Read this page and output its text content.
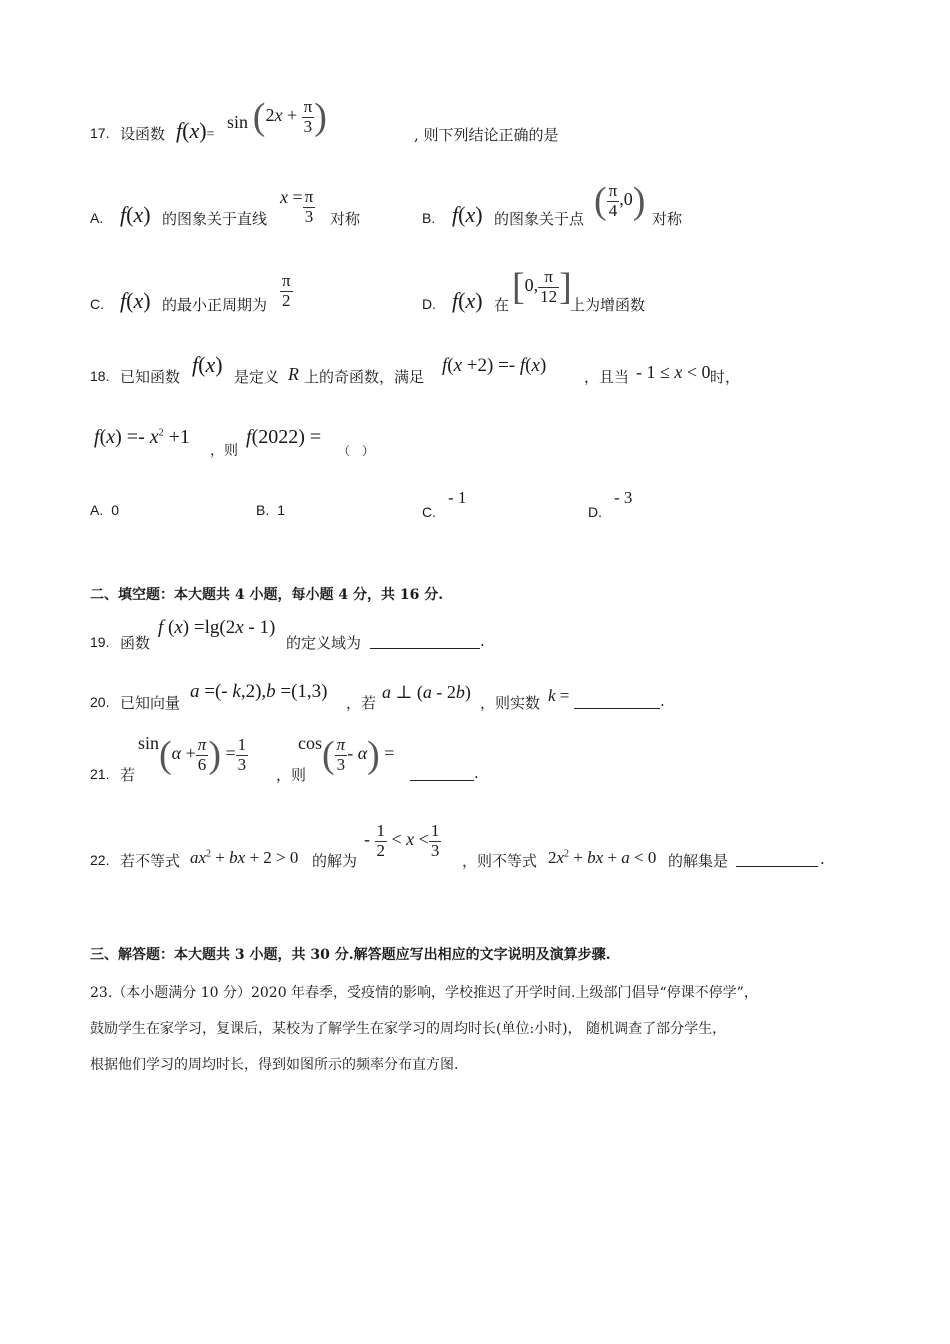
17. 设函数 f(x)=
$\sin (2x + \frac{\pi}{3}$ )	, 则下列结论正确的是
A. f(x) 的图象关于直线
$x = \frac{\pi}{3}$ 对称	B. f(x) 的图象关于点 ( $\frac{\pi}{4} ,0$) 对称
C. f(x) 的最小正周期为 $\frac{\pi}{2}$	D. f(x) 在 [0, $\frac{\pi}{12}$ ]
上为增函数
18. 已知函数 f(x) 是定义 R 上的奇函数，满足
f(x +2) =- f(x)
，且当 - 1 ≤ x < 0 时，
$f(x) =- x^2 +1$
，则
f(2022) =
（　）
A. 0	B. 1	C.- 1
D.- 3
二、填空题：本大题共 4 小题，每小题 4 分，共 16 分.
19. 函数
f (x) =lg(2x - 1)
的定义域为	.
20. 已知向量
a =(- k,2),b =(1,3)
，若
a ⊥ (a - 2b)
，则实数 k =	.
21. 若
$\sin(\alpha + \frac{\pi}{6}$ ) = $\frac{1}{3}$
，则
$\cos( \frac{\pi}{3} - \alpha)$ =
.
22. 若不等式 $ax^2$ + bx + 2 > 0 的解为
- $\frac{1}{2} < x < \frac{1}{3}$
，则不等式 $2x^2$ + bx + a < 0 的解集是	.
三、解答题：本大题共 3 小题，共 30 分.解答题应写出相应的文字说明及演算步骤.
23.（本小题满分 10 分）2020 年春季，受疫情的影响，学校推迟了开学时间.上级部门倡导“停课不停学”，
鼓励学生在家学习，复课后，某校为了解学生在家学习的周均时长(单位:小时)， 随机调查了部分学生，
根据他们学习的周均时长，得到如图所示的频率分布直方图.
